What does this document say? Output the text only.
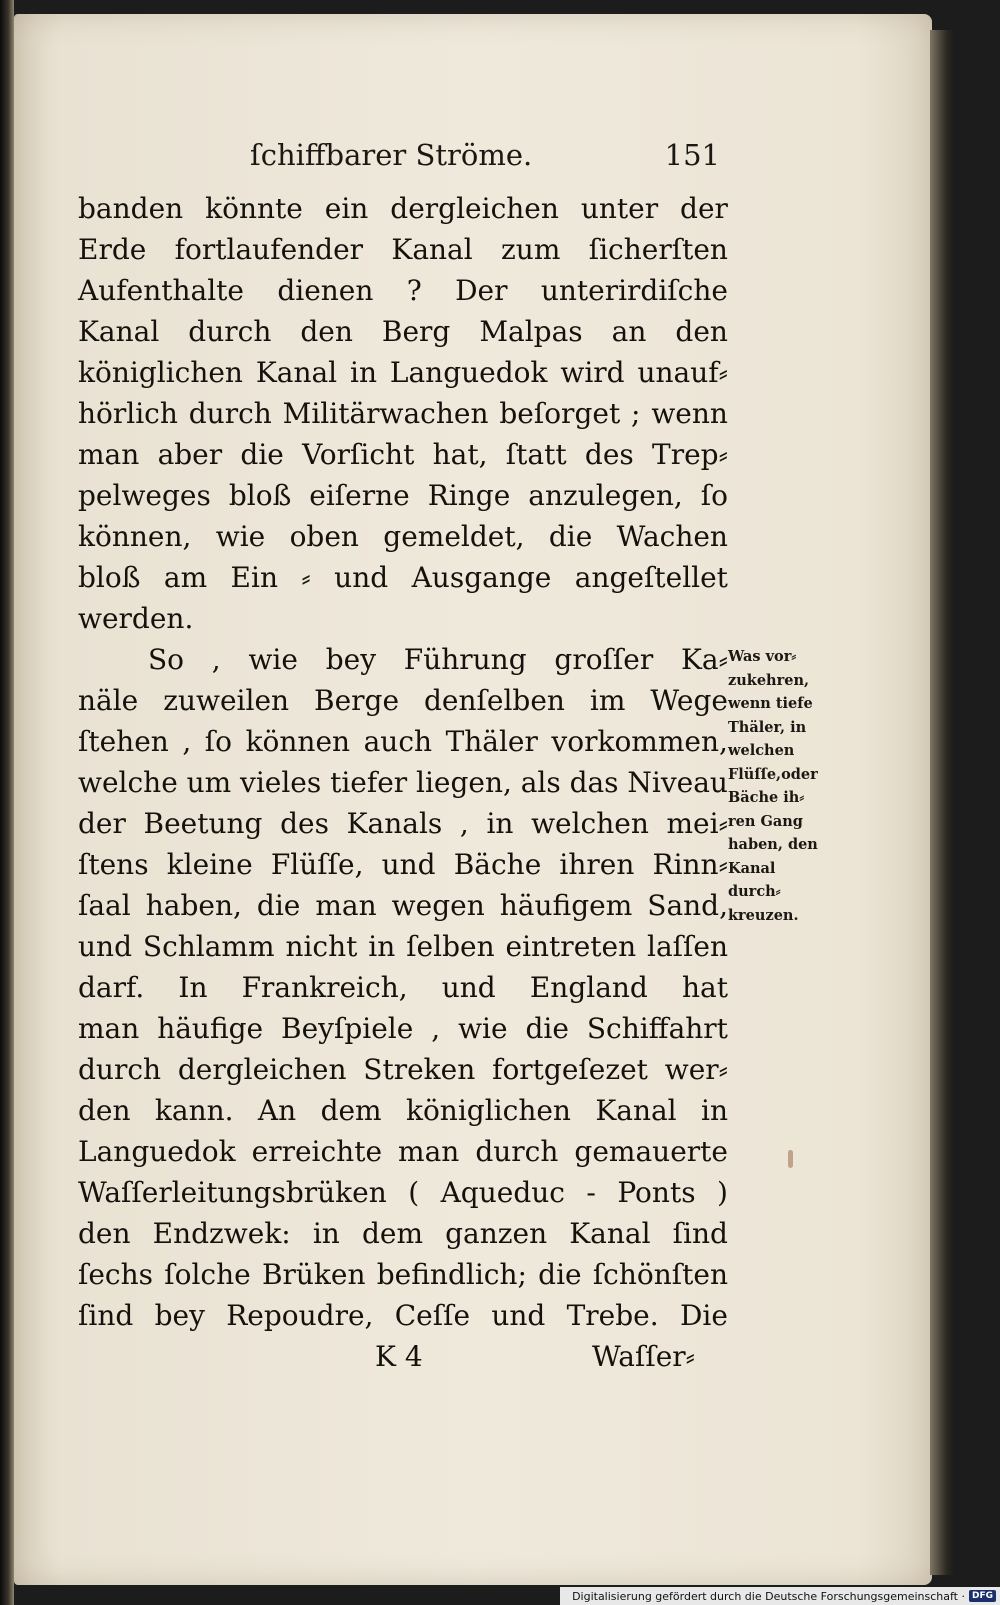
ſchiffbarer Ströme.	151
banden könnte ein dergleichen unter der
Erde fortlaufender Kanal zum ſicherſten
Aufenthalte dienen ? Der unterirdiſche
Kanal durch den Berg Malpas an den
königlichen Kanal in Languedok wird unauf⸗
hörlich durch Militärwachen beſorget ; wenn
man aber die Vorſicht hat, ſtatt des Trep⸗
pelweges bloß eiſerne Ringe anzulegen, ſo
können, wie oben gemeldet, die Wachen
bloß am Ein ⸗ und Ausgange angeſtellet
werden.
So , wie bey Führung groſſer Ka⸗
näle zuweilen Berge denſelben im Wege
ſtehen , ſo können auch Thäler vorkommen,
welche um vieles tiefer liegen, als das Niveau
der Beetung des Kanals , in welchen mei⸗
ſtens kleine Flüſſe, und Bäche ihren Rinn⸗
ſaal haben, die man wegen häufigem Sand,
und Schlamm nicht in ſelben eintreten laſſen
darf. In Frankreich, und England hat
man häufige Beyſpiele , wie die Schiffahrt
durch dergleichen Streken fortgeſezet wer⸗
den kann. An dem königlichen Kanal in
Languedok erreichte man durch gemauerte
Waſſerleitungsbrüken ( Aqueduc - Ponts )
den Endzwek: in dem ganzen Kanal ſind
ſechs ſolche Brüken befindlich; die ſchönſten
ſind bey Repoudre, Ceſſe und Trebe. Die
Was vor⸗
zukehren,
wenn tiefe
Thäler, in
welchen
Flüſſe,oder
Bäche ih⸗
ren Gang
haben, den
Kanal
durch⸗
kreuzen.
K 4	Waſſer⸗
Digitalisierung gefördert durch die Deutsche Forschungsgemeinschaft · DFG
